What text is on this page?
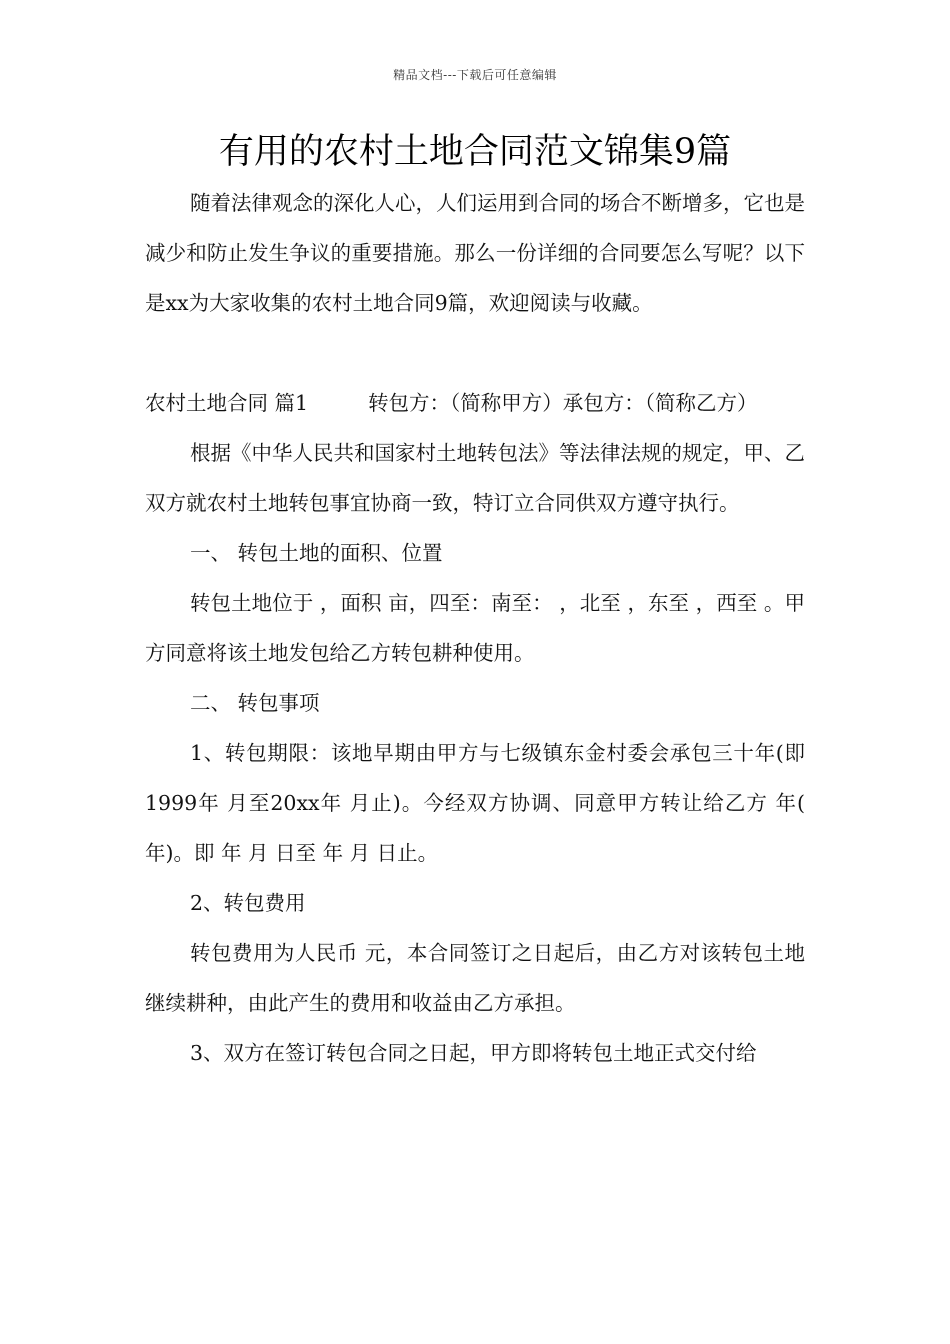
精品文档---下载后可任意编辑
有用的农村土地合同范文锦集9篇

随着法律观念的深化人心，人们运用到合同的场合不断增多，它也是减少和防止发生争议的重要措施。那么一份详细的合同要怎么写呢？以下是xx为大家收集的农村土地合同9篇，欢迎阅读与收藏。

农村土地合同 篇1	转包方：（简称甲方）承包方：（简称乙方）

根据《中华人民共和国家村土地转包法》等法律法规的规定，甲、乙双方就农村土地转包事宜协商一致，特订立合同供双方遵守执行。

一、 转包土地的面积、位置

转包土地位于 ，面积 亩，四至：南至： ，北至 ，东至 ，西至 。甲方同意将该土地发包给乙方转包耕种使用。

二、 转包事项

1、转包期限：该地早期由甲方与七级镇东金村委会承包三十年(即1999年 月至20xx年 月止)。今经双方协调、同意甲方转让给乙方 年( 年)。即 年 月 日至 年 月 日止。

2、转包费用

转包费用为人民币 元，本合同签订之日起后，由乙方对该转包土地继续耕种，由此产生的费用和收益由乙方承担。

3、双方在签订转包合同之日起，甲方即将转包土地正式交付给
